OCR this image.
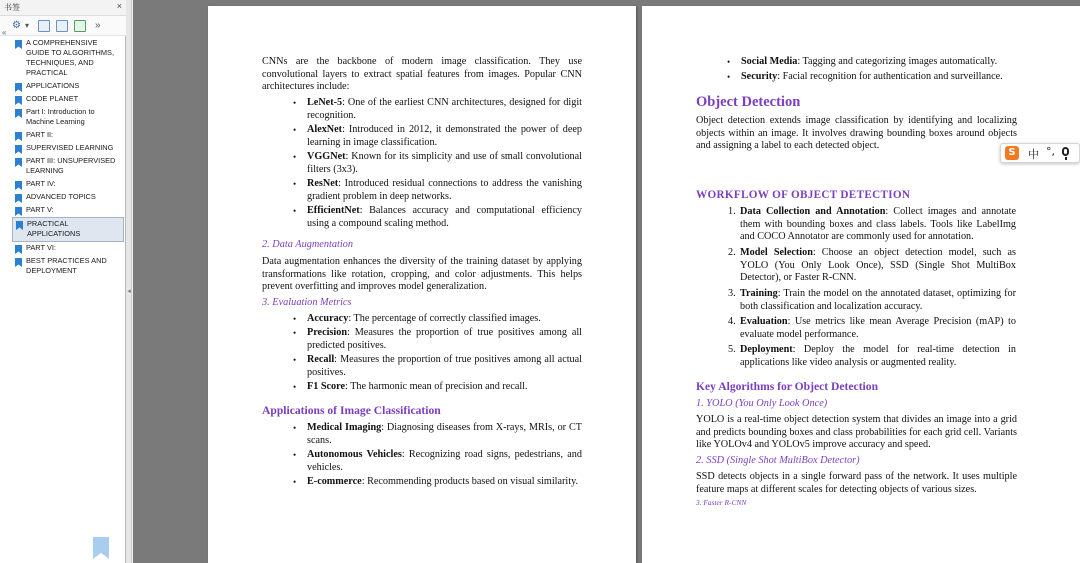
书签	×
⚙ ▾	»
«
A COMPREHENSIVE GUIDE TO ALGORITHMS, TECHNIQUES, AND PRACTICAL
APPLICATIONS
CODE PLANET
Part I: Introduction to Machine Learning
PART II:
SUPERVISED LEARNING
PART III: UNSUPERVISED LEARNING
PART IV:
ADVANCED TOPICS
PART V:
PRACTICAL APPLICATIONS
PART VI:
BEST PRACTICES AND DEPLOYMENT
◂
CNNs are the backbone of modern image classification. They use convolutional layers to extract spatial features from images. Popular CNN architectures include:
• LeNet-5: One of the earliest CNN architectures, designed for digit recognition.
• AlexNet: Introduced in 2012, it demonstrated the power of deep learning in image classification.
• VGGNet: Known for its simplicity and use of small convolutional filters (3x3).
• ResNet: Introduced residual connections to address the vanishing gradient problem in deep networks.
• EfficientNet: Balances accuracy and computational efficiency using a compound scaling method.
2. Data Augmentation
Data augmentation enhances the diversity of the training dataset by applying transformations like rotation, cropping, and color adjustments. This helps prevent overfitting and improves model generalization.
3. Evaluation Metrics
• Accuracy: The percentage of correctly classified images.
• Precision: Measures the proportion of true positives among all predicted positives.
• Recall: Measures the proportion of true positives among all actual positives.
• F1 Score: The harmonic mean of precision and recall.
Applications of Image Classification
• Medical Imaging: Diagnosing diseases from X-rays, MRIs, or CT scans.
• Autonomous Vehicles: Recognizing road signs, pedestrians, and vehicles.
• E-commerce: Recommending products based on visual similarity.
• Social Media: Tagging and categorizing images automatically.
• Security: Facial recognition for authentication and surveillance.
Object Detection
Object detection extends image classification by identifying and localizing objects within an image. It involves drawing bounding boxes around objects and assigning a label to each detected object.
WORKFLOW OF OBJECT DETECTION
1. Data Collection and Annotation: Collect images and annotate them with bounding boxes and class labels. Tools like LabelImg and COCO Annotator are commonly used for annotation.
2. Model Selection: Choose an object detection model, such as YOLO (You Only Look Once), SSD (Single Shot MultiBox Detector), or Faster R-CNN.
3. Training: Train the model on the annotated dataset, optimizing for both classification and localization accuracy.
4. Evaluation: Use metrics like mean Average Precision (mAP) to evaluate model performance.
5. Deployment: Deploy the model for real-time detection in applications like video analysis or augmented reality.
Key Algorithms for Object Detection
1. YOLO (You Only Look Once)
YOLO is a real-time object detection system that divides an image into a grid and predicts bounding boxes and class probabilities for each grid cell. Variants like YOLOv4 and YOLOv5 improve accuracy and speed.
2. SSD (Single Shot MultiBox Detector)
SSD detects objects in a single forward pass of the network. It uses multiple feature maps at different scales for detecting objects of various sizes.
3. Faster R-CNN
S	中 °,
